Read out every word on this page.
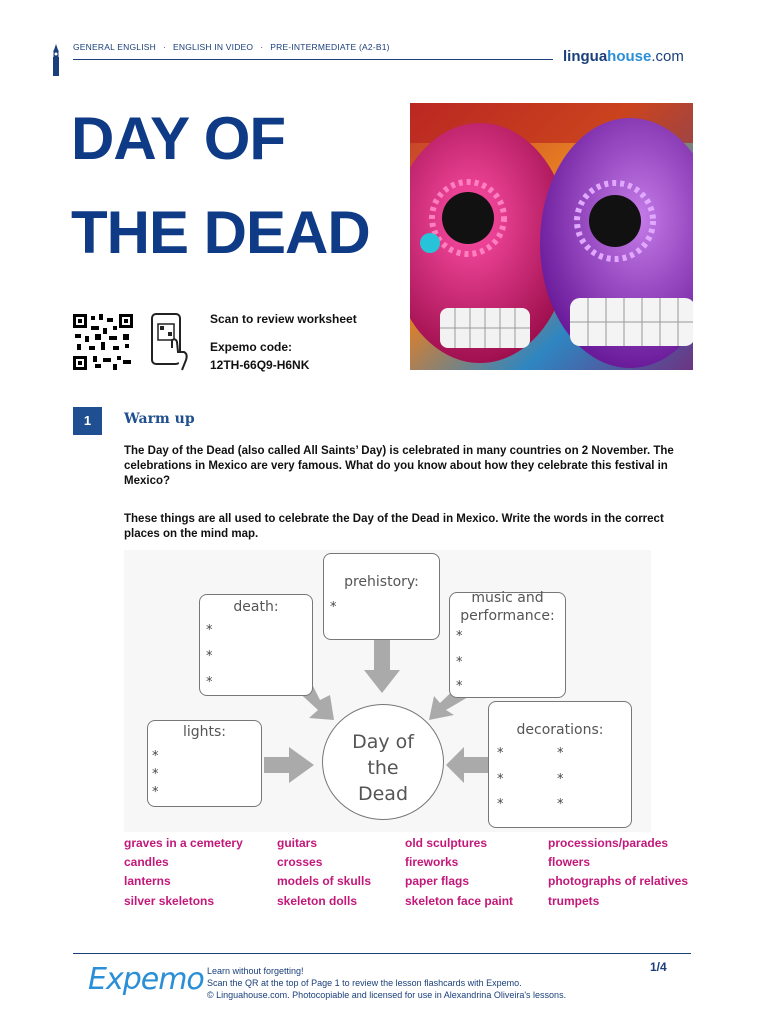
GENERAL ENGLISH · ENGLISH IN VIDEO · PRE-INTERMEDIATE (A2-B1)
linguahouse.com
DAY OF
THE DEAD
Scan to review worksheet
Expemo code:
12TH-66Q9-H6NK
1	Warm up
The Day of the Dead (also called All Saints’ Day) is celebrated in many countries on 2 November. The celebrations in Mexico are very famous. What do you know about how they celebrate this festival in Mexico?
These things are all used to celebrate the Day of the Dead in Mexico. Write the words in the correct places on the mind map.
Day of
the
Dead
prehistory:
*
death:
*
*
*
music and
performance:
*
*
*
lights:
*
*
*
decorations:
*	*
*	*
*	*
graves in a cemetery
candles
lanterns
silver skeletons
guitars
crosses
models of skulls
skeleton dolls
old sculptures
fireworks
paper flags
skeleton face paint
processions/parades
flowers
photographs of relatives
trumpets
Expemo Learn without forgetting!
Scan the QR at the top of Page 1 to review the lesson flashcards with Expemo.
© Linguahouse.com. Photocopiable and licensed for use in Alexandrina Oliveira's lessons.
1/4
